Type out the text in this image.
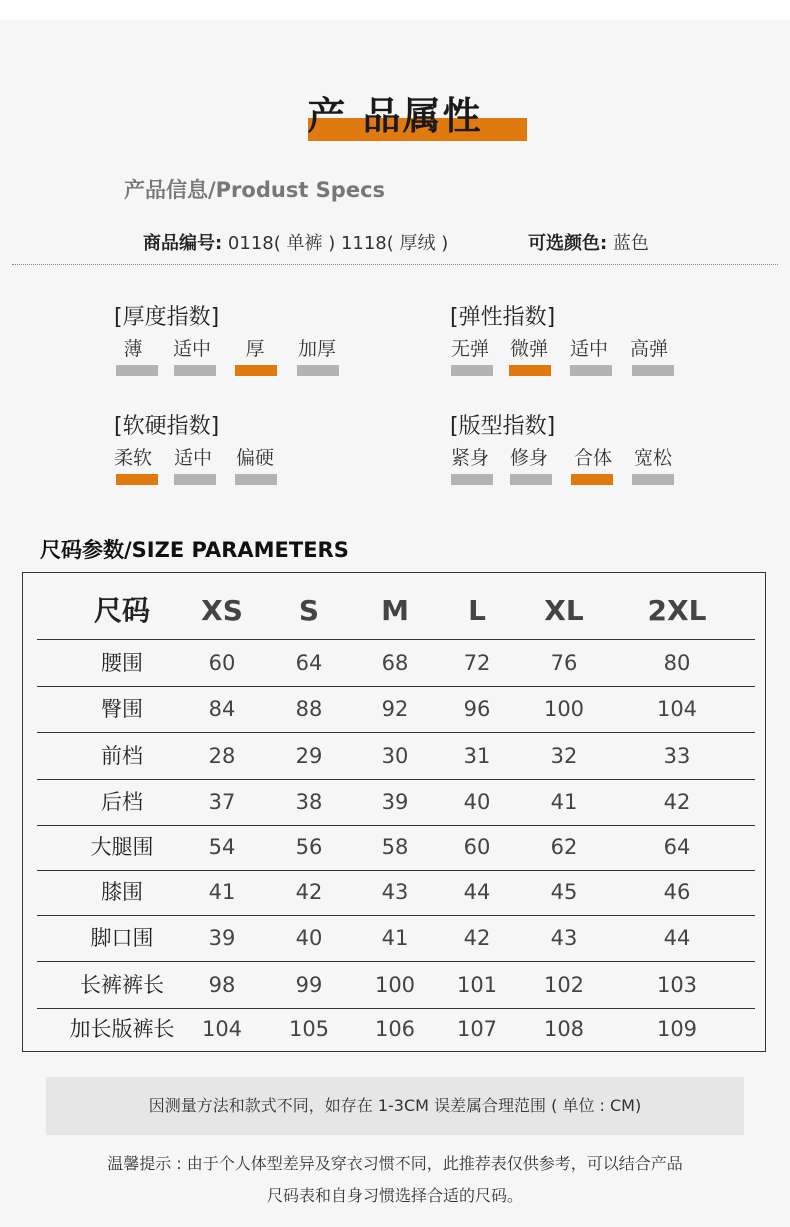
产 品属性
产品信息/Produst Specs
商品编号: 0118( 单裤 ) 1118( 厚绒 )	可选颜色: 蓝色
[厚度指数]
薄	适中	厚	加厚
[弹性指数]
无弹	微弹	适中	高弹
[软硬指数]
柔软	适中	偏硬
[版型指数]
紧身	修身	合体	宽松
尺码参数/SIZE PARAMETERS
尺码	XS	S	M	L	XL	2XL
腰围	60	64	68	72	76	80
臀围	84	88	92	96	100	104
前档	28	29	30	31	32	33
后档	37	38	39	40	41	42
大腿围	54	56	58	60	62	64
膝围	41	42	43	44	45	46
脚口围	39	40	41	42	43	44
长裤裤长	98	99	100	101	102	103
加长版裤长	104	105	106	107	108	109
因测量方法和款式不同，如存在 1-3CM 误差属合理范围 ( 单位 : CM)
温馨提示 : 由于个人体型差异及穿衣习惯不同，此推荐表仅供参考，可以结合产品
尺码表和自身习惯选择合适的尺码。
